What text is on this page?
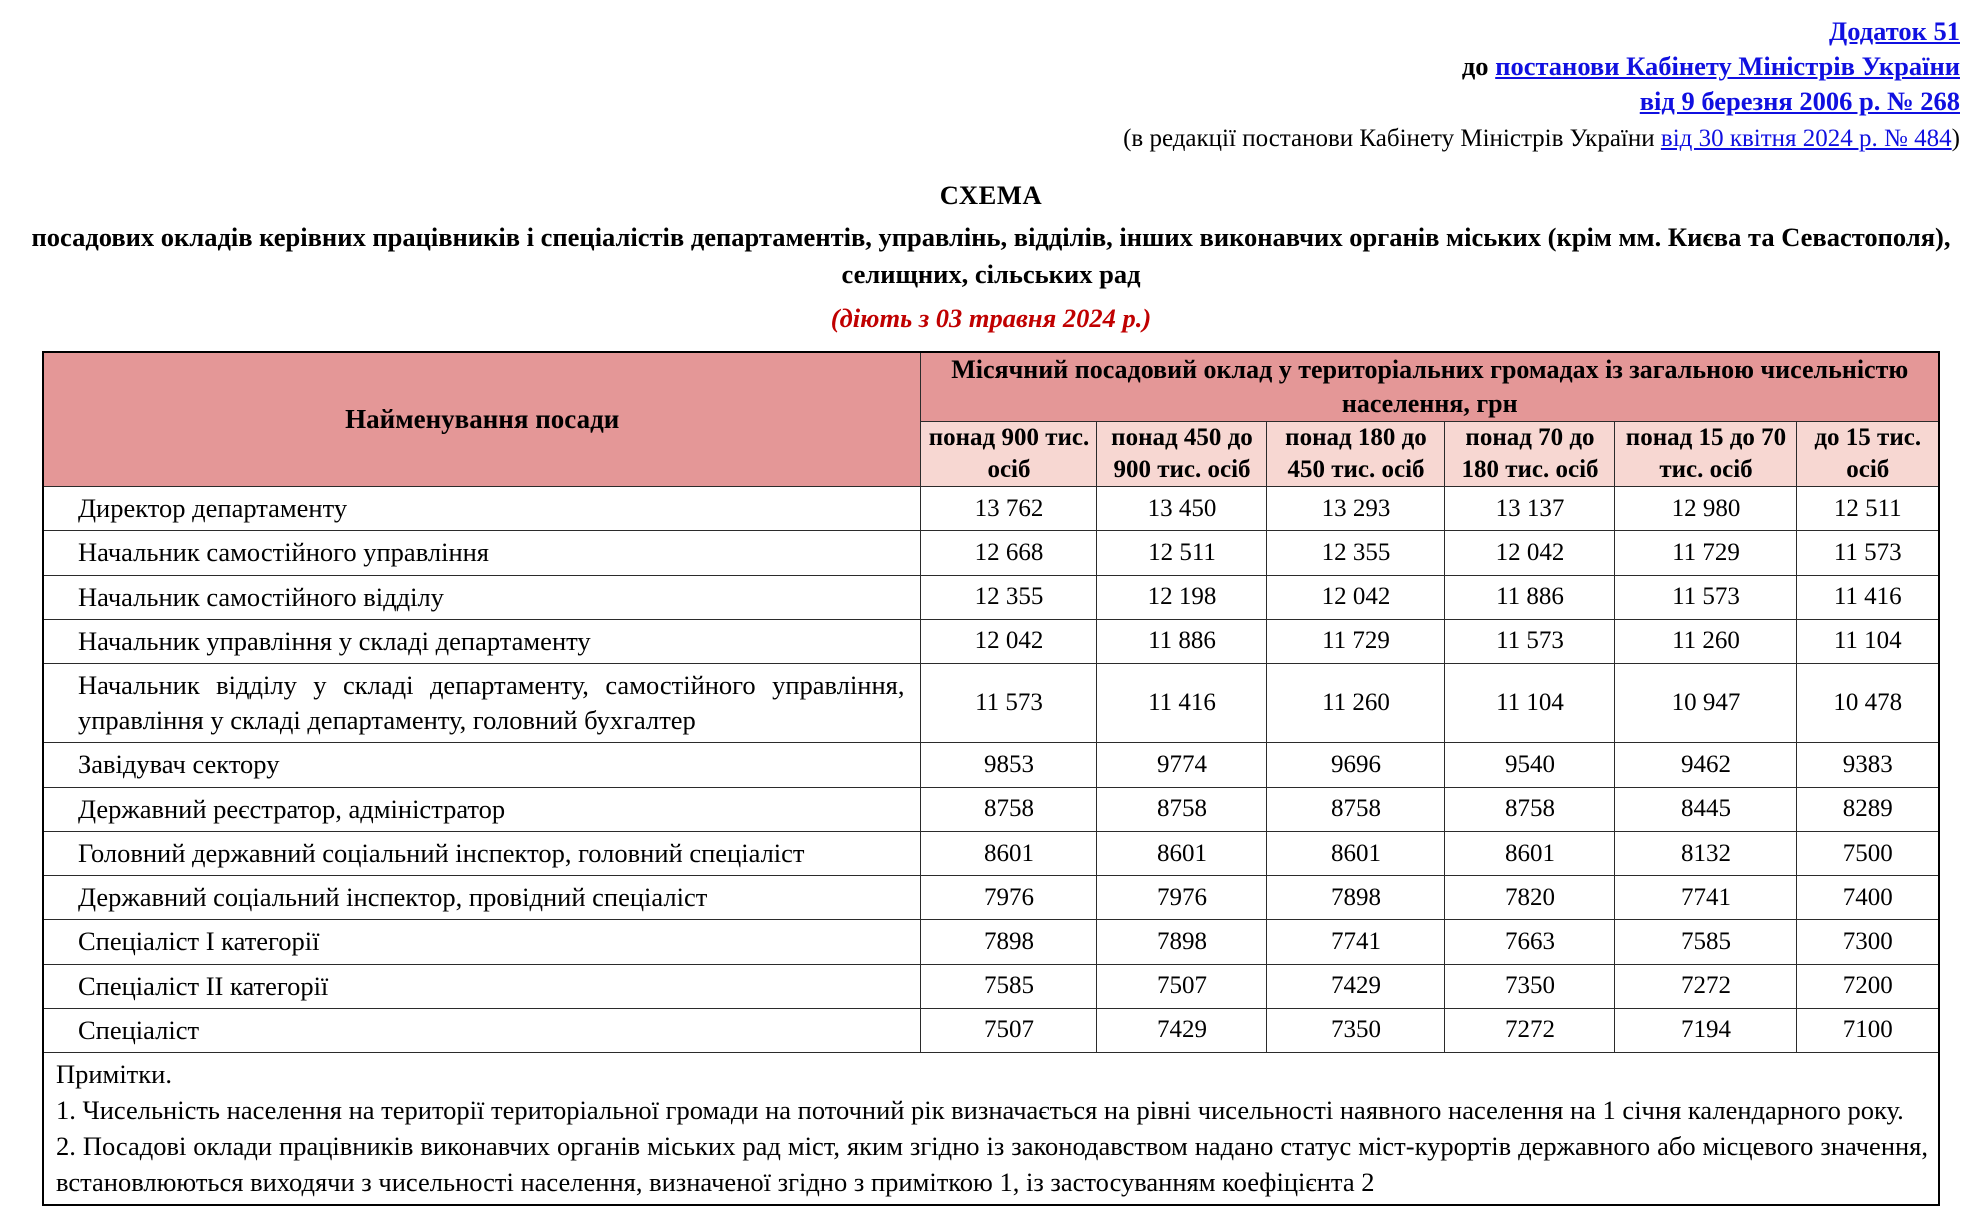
Додаток 51
до постанови Кабінету Міністрів України
від 9 березня 2006 р. № 268
(в редакції постанови Кабінету Міністрів України від 30 квітня 2024 р. № 484)
СХЕМА
посадових окладів керівних працівників і спеціалістів департаментів, управлінь, відділів, інших виконавчих органів міських (крім мм. Києва та Севастополя), селищних, сільських рад
(діють з 03 травня 2024 р.)
Найменування посади	Місячний посадовий оклад у територіальних громадах із загальною чисельністю населення, грн					
	понад 900 тис. осіб	понад 450 до 900 тис. осіб	понад 180 до 450 тис. осіб	понад 70 до 180 тис. осіб	понад 15 до 70 тис. осіб	до 15 тис. осіб
Директор департаменту	13 762	13 450	13 293	13 137	12 980	12 511
Начальник самостійного управління	12 668	12 511	12 355	12 042	11 729	11 573
Начальник самостійного відділу	12 355	12 198	12 042	11 886	11 573	11 416
Начальник управління у складі департаменту	12 042	11 886	11 729	11 573	11 260	11 104
Начальник відділу у складі департаменту, самостійного управління, управління у складі департаменту, головний бухгалтер	11 573	11 416	11 260	11 104	10 947	10 478
Завідувач сектору	9853	9774	9696	9540	9462	9383
Державний реєстратор, адміністратор	8758	8758	8758	8758	8445	8289
Головний державний соціальний інспектор, головний спеціаліст	8601	8601	8601	8601	8132	7500
Державний соціальний інспектор, провідний спеціаліст	7976	7976	7898	7820	7741	7400
Спеціаліст I категорії	7898	7898	7741	7663	7585	7300
Спеціаліст II категорії	7585	7507	7429	7350	7272	7200
Спеціаліст	7507	7429	7350	7272	7194	7100

Примітки.

1. Чисельність населення на території територіальної громади на поточний рік визначається на рівні чисельності наявного населення на 1 січня календарного року.

2. Посадові оклади працівників виконавчих органів міських рад міст, яким згідно із законодавством надано статус міст-курортів державного або місцевого значення, встановлюються виходячи з чисельності населення, визначеної згідно з приміткою 1, із застосуванням коефіцієнта 2						
